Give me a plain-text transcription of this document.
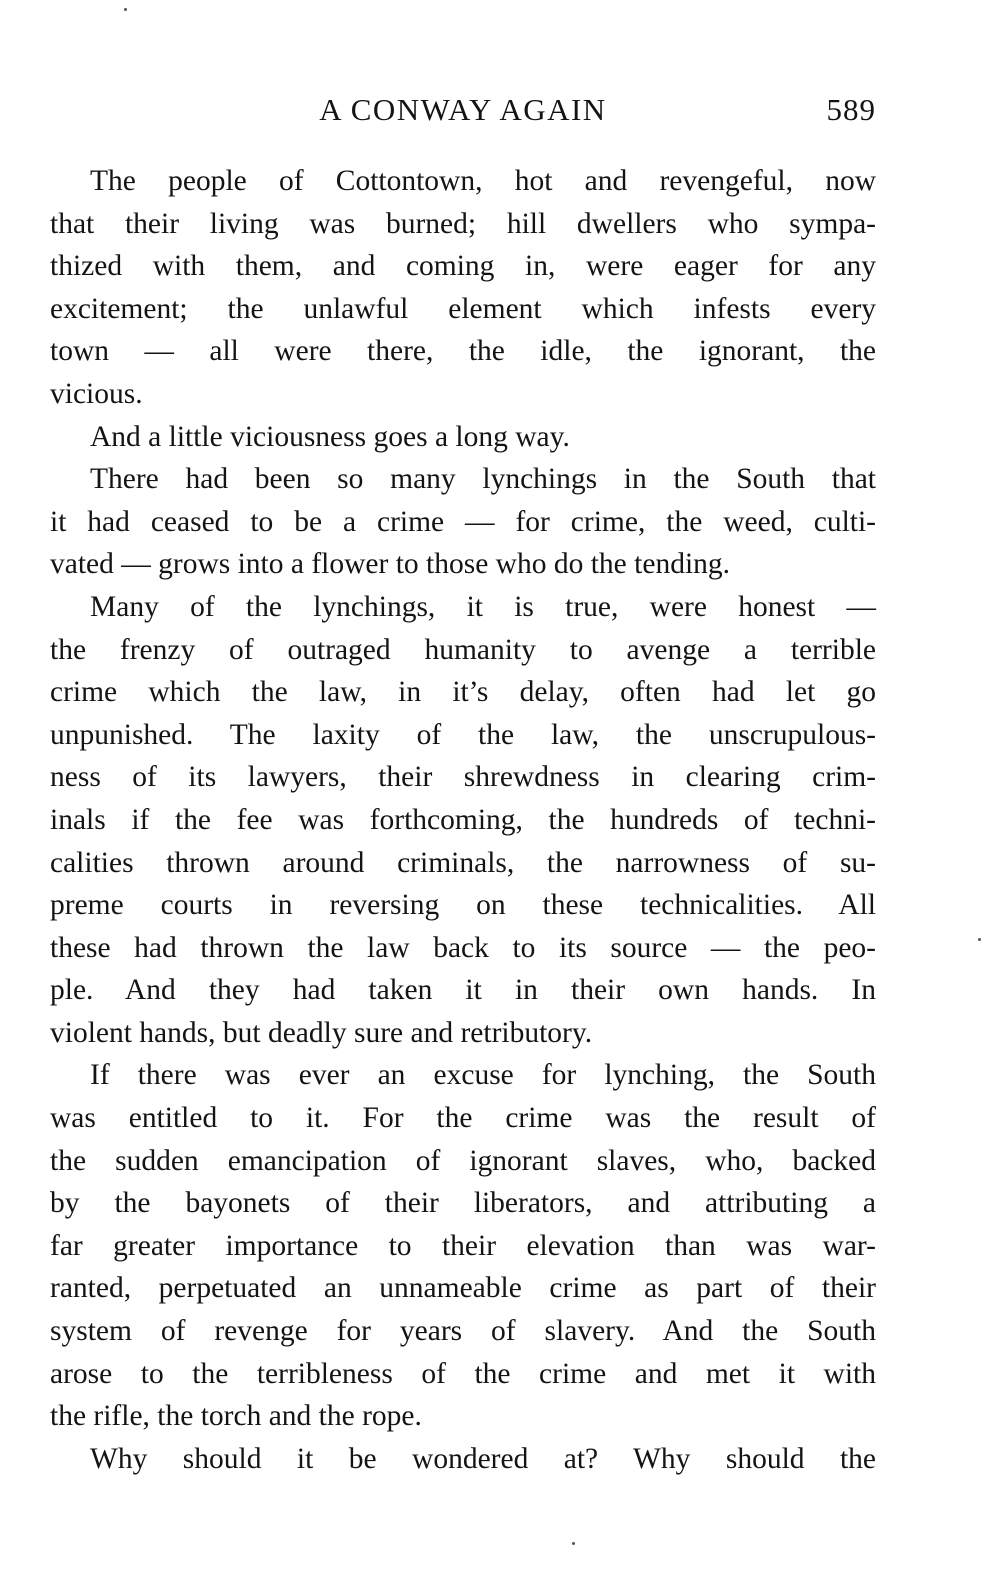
A CONWAY AGAIN	589
The people of Cottontown, hot and revengeful, now
that their living was burned; hill dwellers who sympa-
thized with them, and coming in, were eager for any
excitement; the unlawful element which infests every
town — all were there, the idle, the ignorant, the
vicious.
And a little viciousness goes a long way.
There had been so many lynchings in the South that
it had ceased to be a crime — for crime, the weed, culti-
vated — grows into a flower to those who do the tending.
Many of the lynchings, it is true, were honest —
the frenzy of outraged humanity to avenge a terrible
crime which the law, in it’s delay, often had let go
unpunished. The laxity of the law, the unscrupulous-
ness of its lawyers, their shrewdness in clearing crim-
inals if the fee was forthcoming, the hundreds of techni-
calities thrown around criminals, the narrowness of su-
preme courts in reversing on these technicalities. All
these had thrown the law back to its source — the peo-
ple. And they had taken it in their own hands. In
violent hands, but deadly sure and retributory.
If there was ever an excuse for lynching, the South
was entitled to it. For the crime was the result of
the sudden emancipation of ignorant slaves, who, backed
by the bayonets of their liberators, and attributing a
far greater importance to their elevation than was war-
ranted, perpetuated an unnameable crime as part of their
system of revenge for years of slavery. And the South
arose to the terribleness of the crime and met it with
the rifle, the torch and the rope.
Why should it be wondered at? Why should the
